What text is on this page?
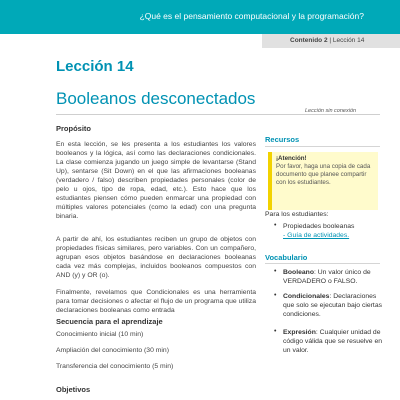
¿Qué es el pensamiento computacional y la programación?
Contenido 2 | Lección 14
Lección 14
Booleanos desconectados
Lección sin conexión
Propósito

En esta lección, se les presenta a los estudiantes los valores booleanos y la lógica, así como las declaraciones condicionales. La clase comienza jugando un juego simple de levantarse (Stand Up), sentarse (Sit Down) en el que las afirmaciones booleanas (verdadero / falso) describen propiedades personales (color de pelo u ojos, tipo de ropa, edad, etc.). Esto hace que los estudiantes piensen cómo pueden enmarcar una propiedad con múltiples valores potenciales (como la edad) con una pregunta binaria.

A partir de ahí, los estudiantes reciben un grupo de objetos con propiedades físicas similares, pero variables. Con un compañero, agrupan esos objetos basándose en declaraciones booleanas cada vez más complejas, incluidos booleanos compuestos con AND (y) y OR (o).

Finalmente, revelamos que Condicionales es una herramienta para tomar decisiones o afectar el flujo de un programa que utiliza declaraciones booleanas como entrada

Secuencia para el aprendizaje
Conocimiento inicial (10 min)
Ampliación del conocimiento (30 min)
Transferencia del conocimiento (5 min)
Objetivos
Recursos
¡Atención!
Por favor, haga una copia de cada documento que planee compartir con los estudiantes.
Para los estudiantes:
• Propiedades booleanas
- Guía de actividades.
Vocabulario
• Booleano: Un valor único de VERDADERO o FALSO.
• Condicionales: Declaraciones que solo se ejecutan bajo ciertas condiciones.
• Expresión: Cualquier unidad de código válida que se resuelve en un valor.
